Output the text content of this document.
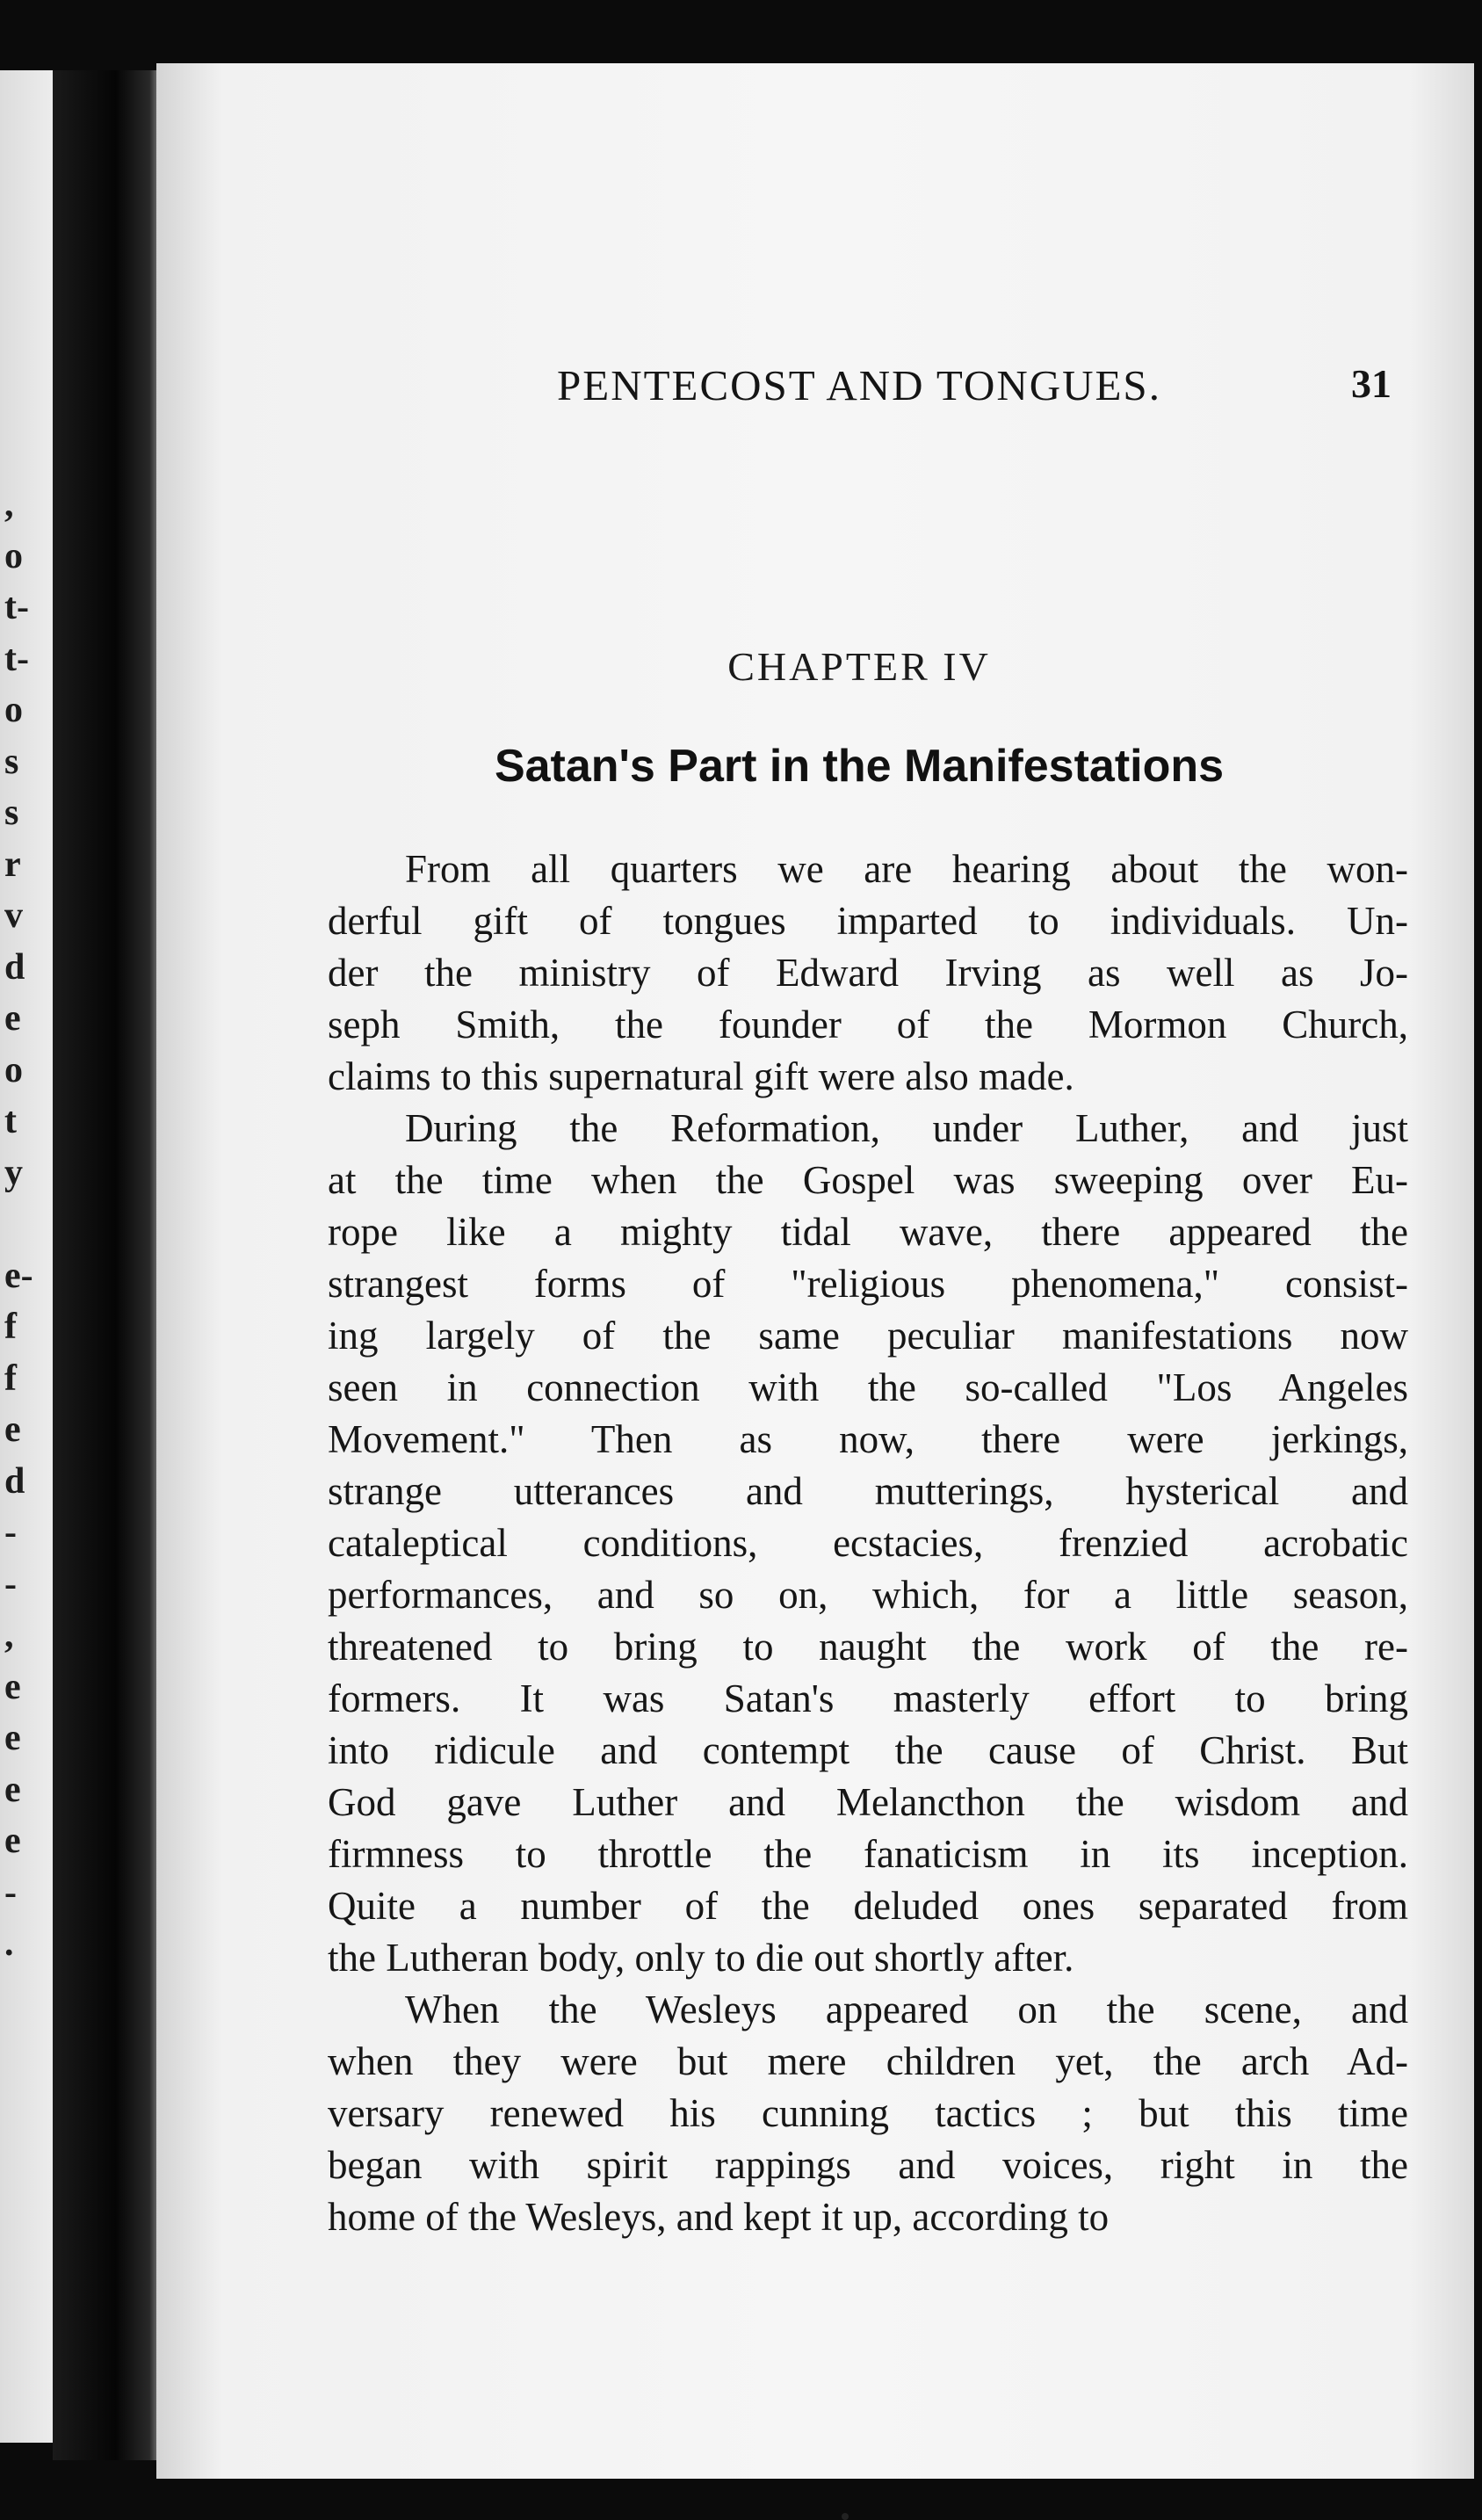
,
o
t-
t-
o
s
s
r
v
d
e
o
t
y
e-
f
f
e
d
-
-
,
e
e
e
e
-
.
PENTECOST AND TONGUES.	31
CHAPTER IV
Satan's Part in the Manifestations
From all quarters we are hearing about the won-
derful gift of tongues imparted to individuals. Un-
der the ministry of Edward Irving as well as Jo-
seph Smith, the founder of the Mormon Church,
claims to this supernatural gift were also made.
During the Reformation, under Luther, and just
at the time when the Gospel was sweeping over Eu-
rope like a mighty tidal wave, there appeared the
strangest forms of "religious phenomena," consist-
ing largely of the same peculiar manifestations now
seen in connection with the so-called "Los Angeles
Movement." Then as now, there were jerkings,
strange utterances and mutterings, hysterical and
cataleptical conditions, ecstacies, frenzied acrobatic
performances, and so on, which, for a little season,
threatened to bring to naught the work of the re-
formers. It was Satan's masterly effort to bring
into ridicule and contempt the cause of Christ. But
God gave Luther and Melancthon the wisdom and
firmness to throttle the fanaticism in its inception.
Quite a number of the deluded ones separated from
the Lutheran body, only to die out shortly after.
When the Wesleys appeared on the scene, and
when they were but mere children yet, the arch Ad-
versary renewed his cunning tactics ; but this time
began with spirit rappings and voices, right in the
home of the Wesleys, and kept it up, according to
